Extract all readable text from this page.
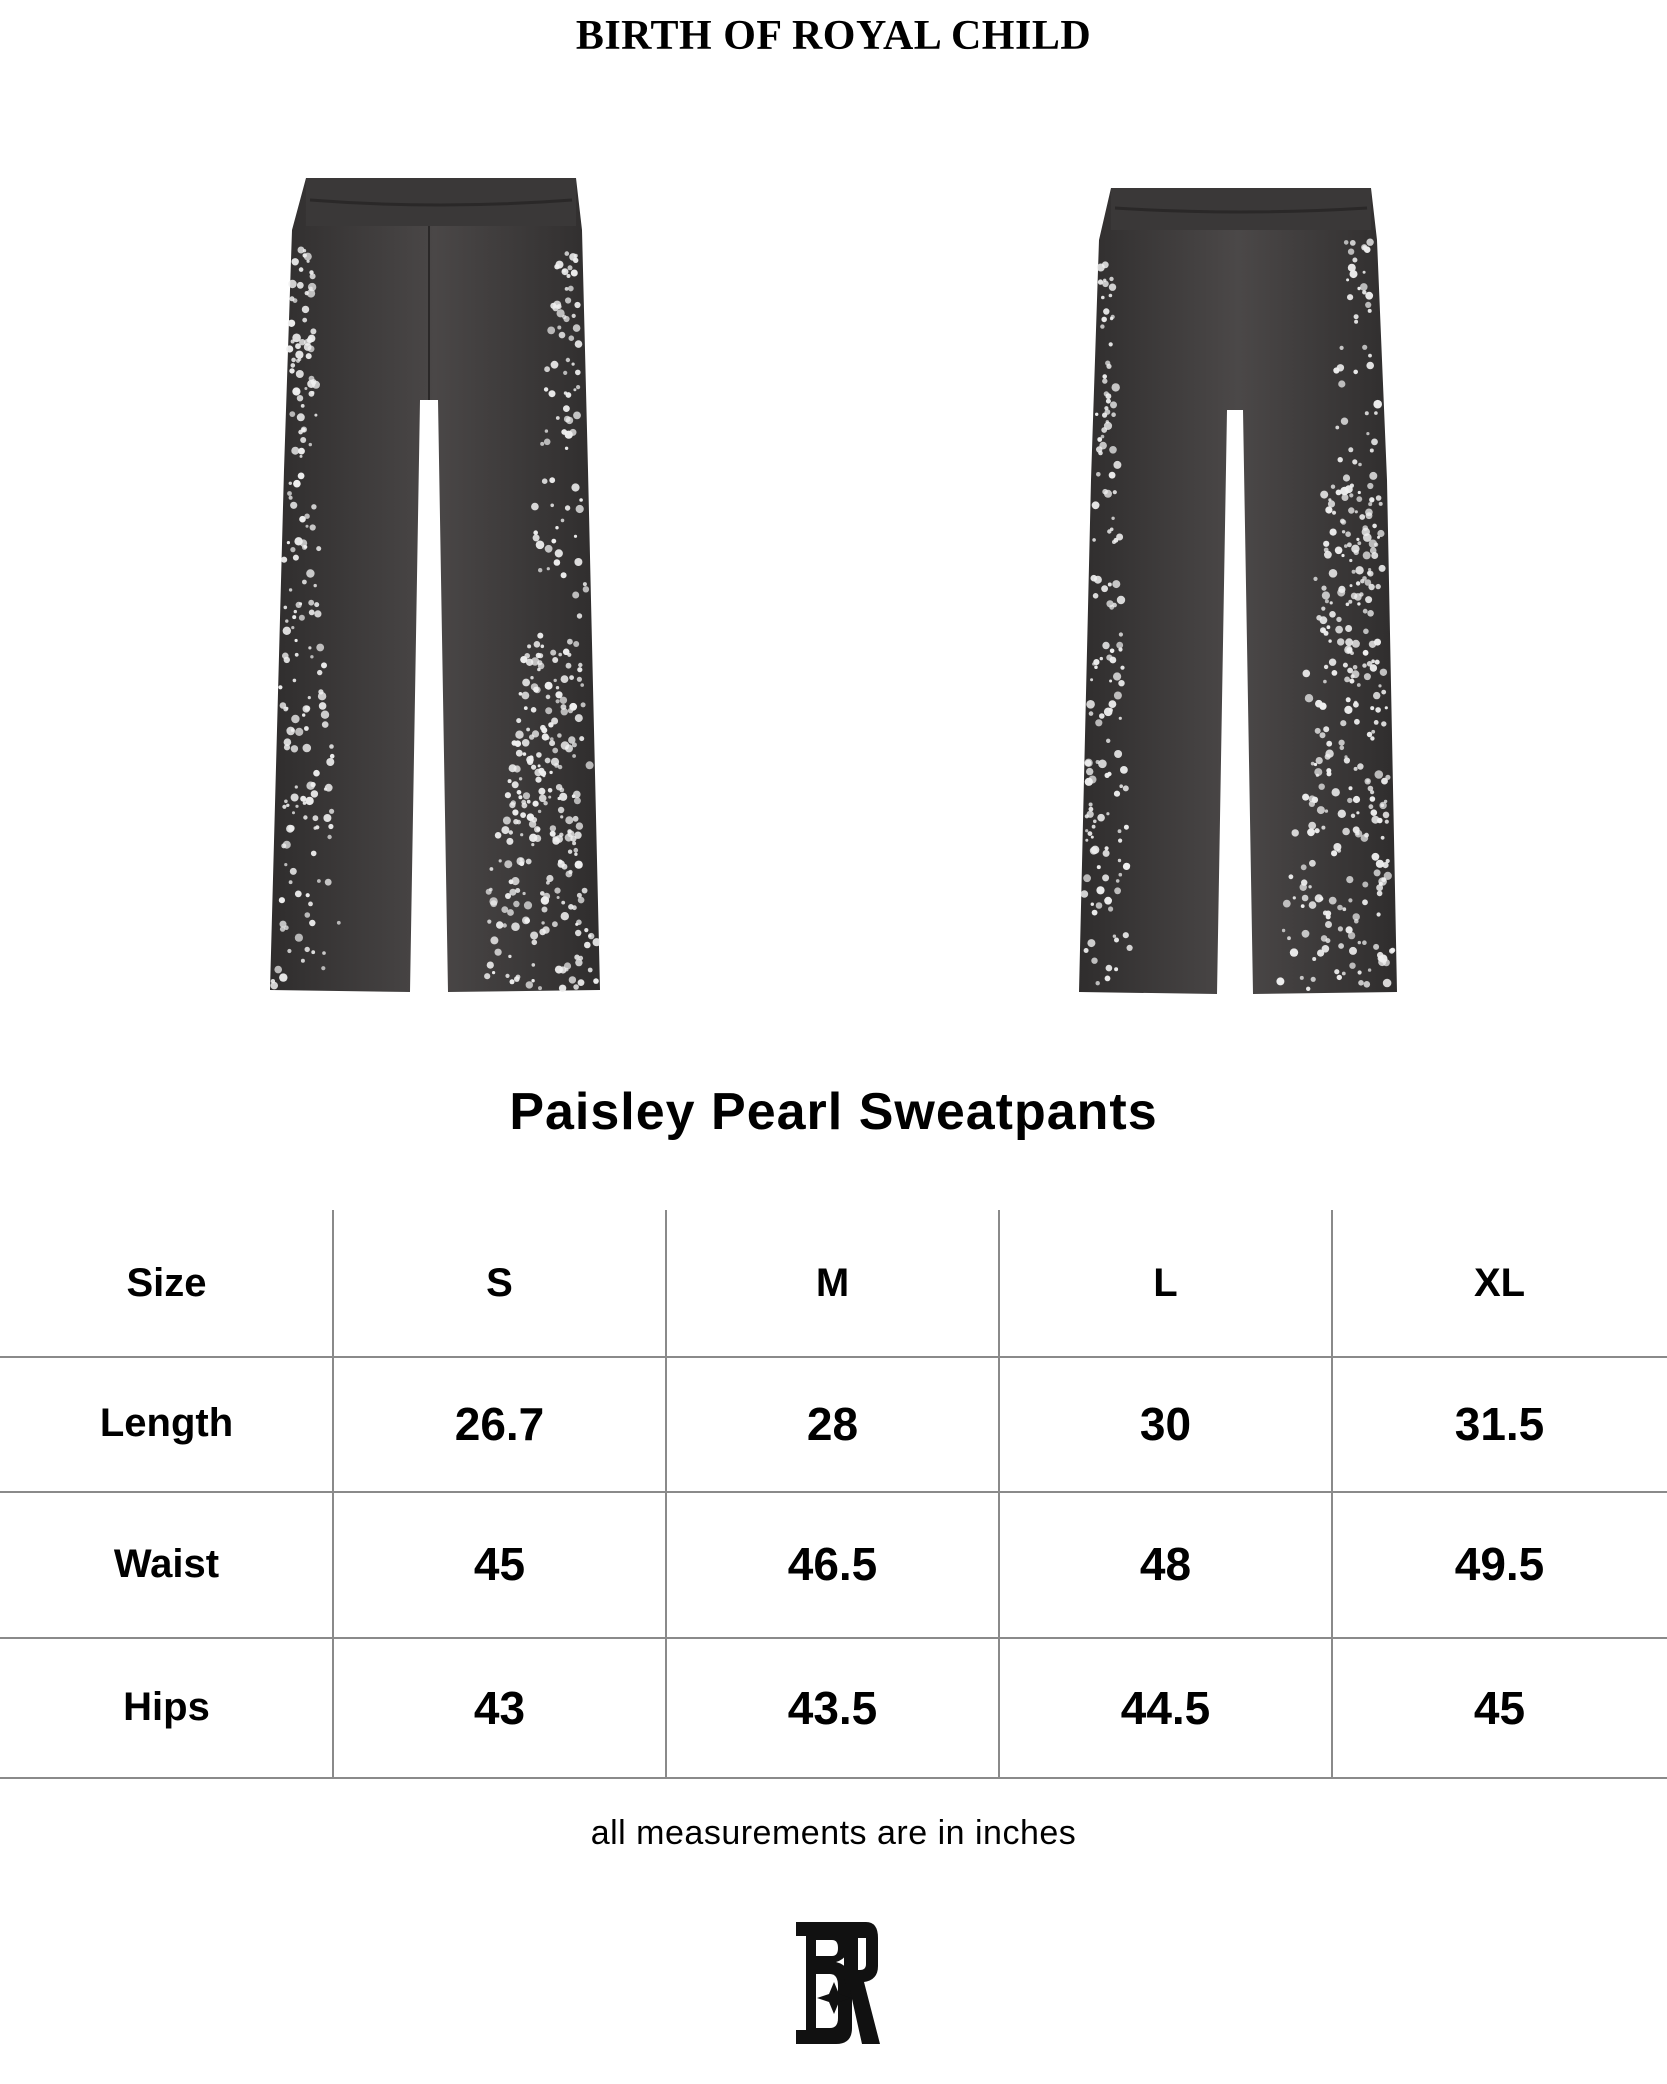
BIRTH OF ROYAL CHILD
Paisley Pearl Sweatpants
Size	S	M	L	XL
Length	26.7	28	30	31.5
Waist	45	46.5	48	49.5
Hips	43	43.5	44.5	45
all measurements are in inches
